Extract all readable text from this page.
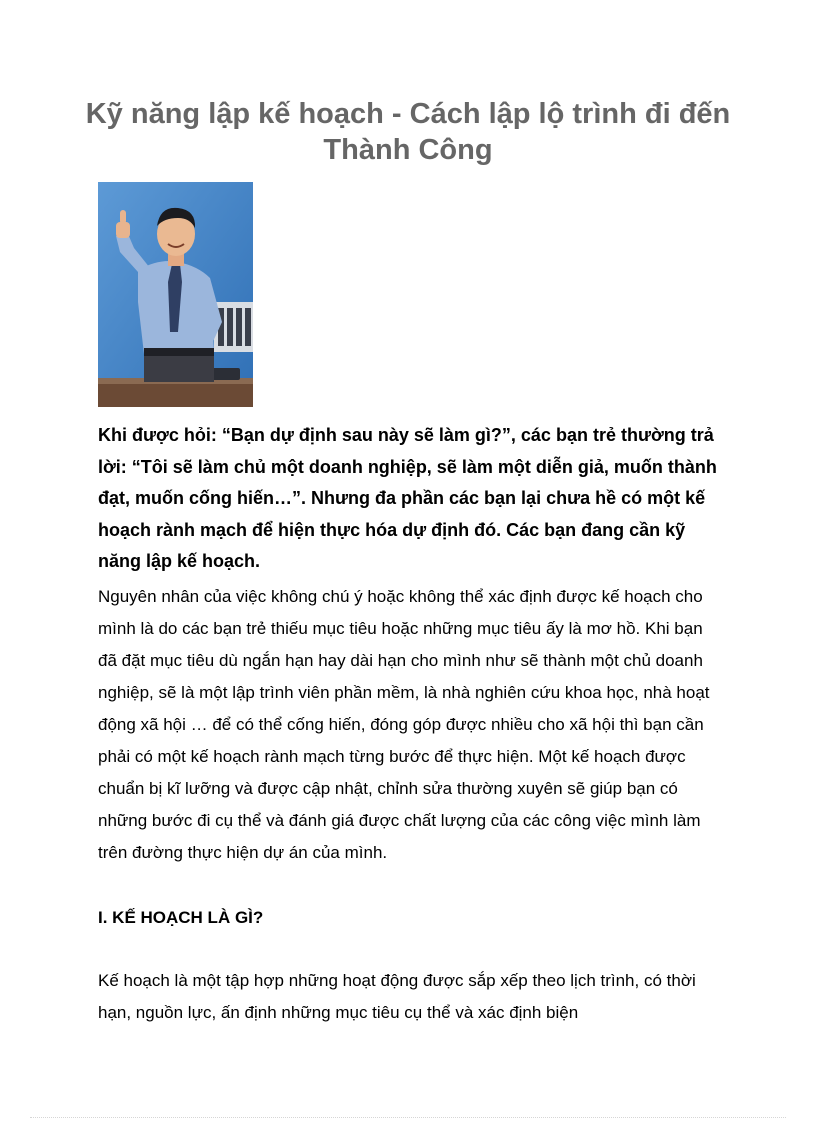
Kỹ năng lập kế hoạch - Cách lập lộ trình đi đến Thành Công

Khi được hỏi: “Bạn dự định sau này sẽ làm gì?”, các bạn trẻ thường trả lời: “Tôi sẽ làm chủ một doanh nghiệp, sẽ làm một diễn giả, muốn thành đạt, muốn cống hiến…”. Nhưng đa phần các bạn lại chưa hề có một kế hoạch rành mạch để hiện thực hóa dự định đó. Các bạn đang cần kỹ năng lập kế hoạch.

Nguyên nhân của việc không chú ý hoặc không thể xác định được kế hoạch cho mình là do các bạn trẻ thiếu mục tiêu hoặc những mục tiêu ấy là mơ hồ. Khi bạn đã đặt mục tiêu dù ngắn hạn hay dài hạn cho mình như sẽ thành một chủ doanh nghiệp, sẽ là một lập trình viên phần mềm, là nhà nghiên cứu khoa học, nhà hoạt động xã hội … để có thể cống hiến, đóng góp được nhiều cho xã hội thì bạn cần phải có một kế hoạch rành mạch từng bước để thực hiện. Một kế hoạch được chuẩn bị kĩ lưỡng và được cập nhật, chỉnh sửa thường xuyên sẽ giúp bạn có những bước đi cụ thể và đánh giá được chất lượng của các công việc mình làm trên đường thực hiện dự án của mình.

I. KẾ HOẠCH LÀ GÌ?

Kế hoạch là một tập hợp những hoạt động được sắp xếp theo lịch trình, có thời hạn, nguồn lực, ấn định những mục tiêu cụ thể và xác định biện
